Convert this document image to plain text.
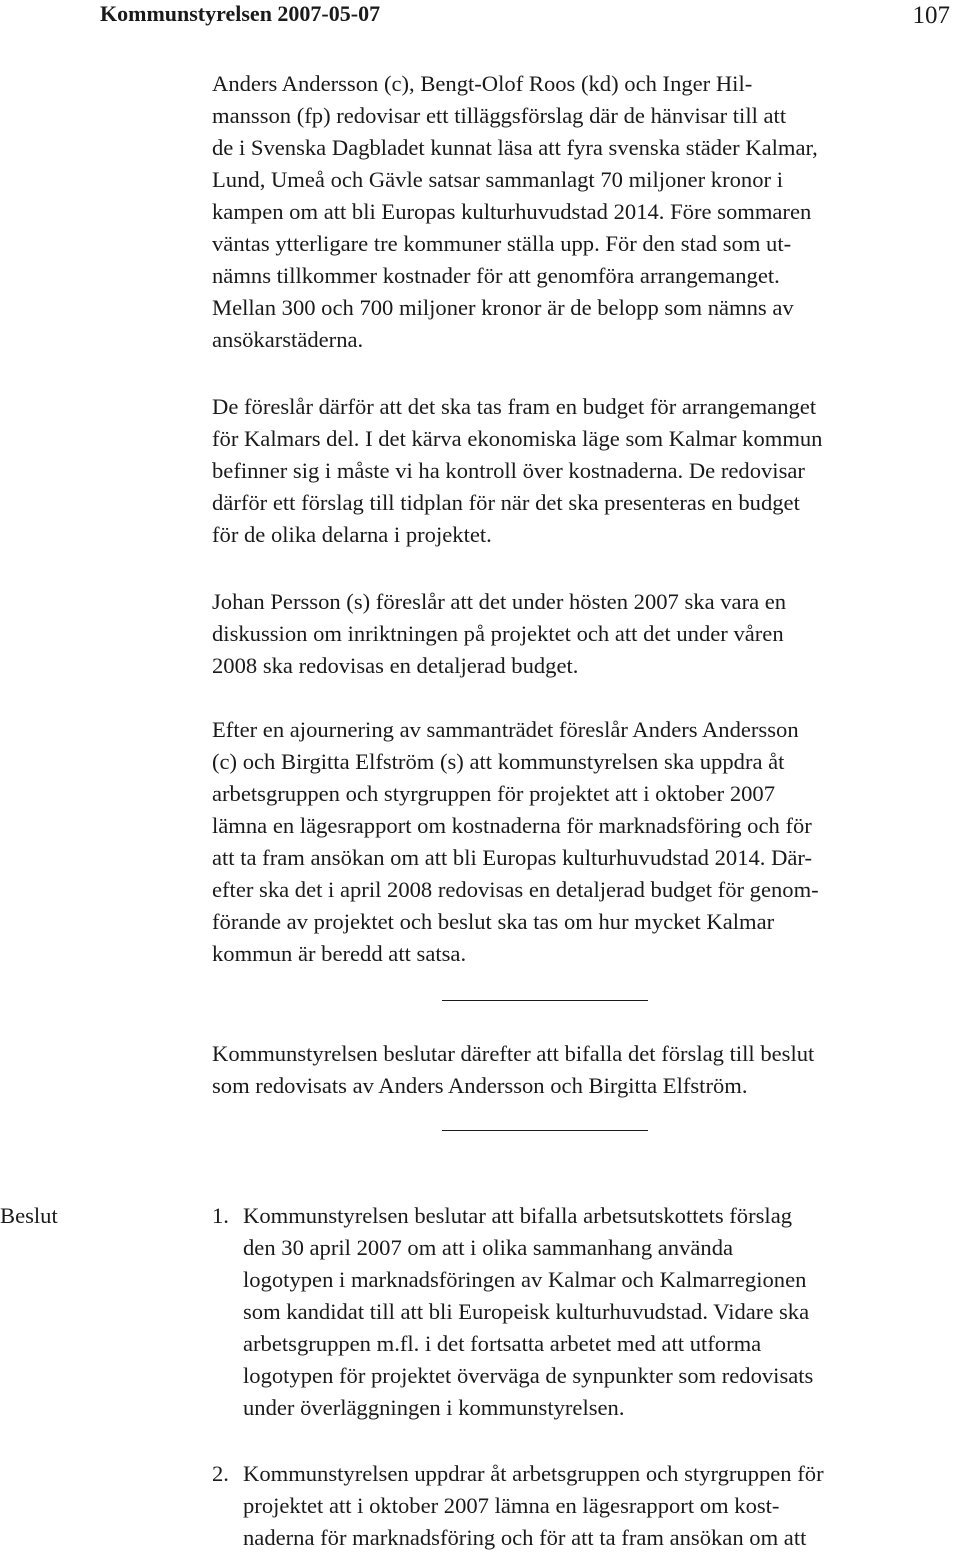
Kommunstyrelsen 2007-05-07	107
Anders Andersson (c), Bengt-Olof Roos (kd) och Inger Hil-
mansson (fp) redovisar ett tilläggsförslag där de hänvisar till att
de i Svenska Dagbladet kunnat läsa att fyra svenska städer Kalmar,
Lund, Umeå och Gävle satsar sammanlagt 70 miljoner kronor i
kampen om att bli Europas kulturhuvudstad 2014. Före sommaren
väntas ytterligare tre kommuner ställa upp. För den stad som ut-
nämns tillkommer kostnader för att genomföra arrangemanget.
Mellan 300 och 700 miljoner kronor är de belopp som nämns av
ansökarstäderna.
De föreslår därför att det ska tas fram en budget för arrangemanget
för Kalmars del. I det kärva ekonomiska läge som Kalmar kommun
befinner sig i måste vi ha kontroll över kostnaderna. De redovisar
därför ett förslag till tidplan för när det ska presenteras en budget
för de olika delarna i projektet.
Johan Persson (s) föreslår att det under hösten 2007 ska vara en
diskussion om inriktningen på projektet och att det under våren
2008 ska redovisas en detaljerad budget.
Efter en ajournering av sammanträdet föreslår Anders Andersson
(c) och Birgitta Elfström (s) att kommunstyrelsen ska uppdra åt
arbetsgruppen och styrgruppen för projektet att i oktober 2007
lämna en lägesrapport om kostnaderna för marknadsföring och för
att ta fram ansökan om att bli Europas kulturhuvudstad 2014. Där-
efter ska det i april 2008 redovisas en detaljerad budget för genom-
förande av projektet och beslut ska tas om hur mycket Kalmar
kommun är beredd att satsa.
Kommunstyrelsen beslutar därefter att bifalla det förslag till beslut
som redovisats av Anders Andersson och Birgitta Elfström.
Beslut	1. Kommunstyrelsen beslutar att bifalla arbetsutskottets förslag
den 30 april 2007 om att i olika sammanhang använda
logotypen i marknadsföringen av Kalmar och Kalmarregionen
som kandidat till att bli Europeisk kulturhuvudstad. Vidare ska
arbetsgruppen m.fl. i det fortsatta arbetet med att utforma
logotypen för projektet överväga de synpunkter som redovisats
under överläggningen i kommunstyrelsen.
2. Kommunstyrelsen uppdrar åt arbetsgruppen och styrgruppen för
projektet att i oktober 2007 lämna en lägesrapport om kost-
naderna för marknadsföring och för att ta fram ansökan om att
